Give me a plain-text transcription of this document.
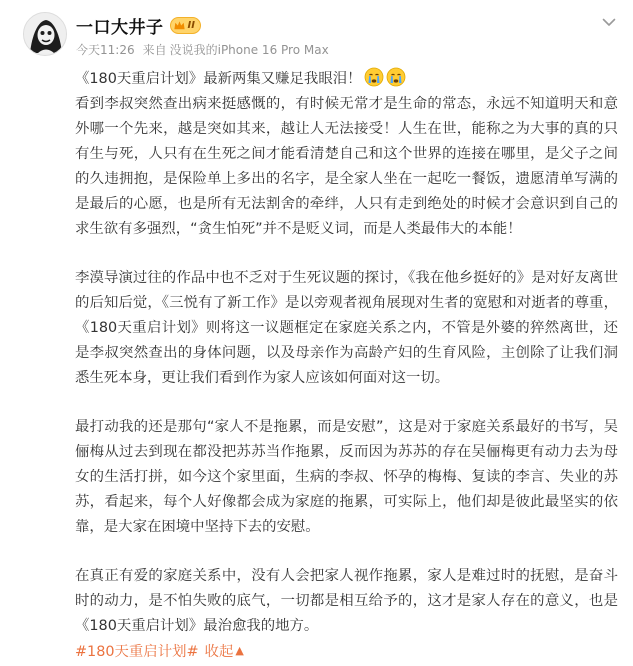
一口大井子 II
今天11:26 来自 没说我的iPhone 16 Pro Max
《180天重启计划》最新两集又赚足我眼泪！
看到李叔突然查出病来挺感慨的，有时候无常才是生命的常态，永远不知道明天和意外哪一个先来，越是突如其来，越让人无法接受！人生在世，能称之为大事的真的只有生与死，人只有在生死之间才能看清楚自己和这个世界的连接在哪里，是父子之间的久违拥抱，是保险单上多出的名字，是全家人坐在一起吃一餐饭，遗愿清单写满的是最后的心愿，也是所有无法割舍的牵绊，人只有走到绝处的时候才会意识到自己的求生欲有多强烈，“贪生怕死”并不是贬义词，而是人类最伟大的本能！
李漠导演过往的作品中也不乏对于生死议题的探讨，《我在他乡挺好的》是对好友离世的后知后觉，《三悦有了新工作》是以旁观者视角展现对生者的宽慰和对逝者的尊重，《180天重启计划》则将这一议题框定在家庭关系之内，不管是外婆的猝然离世，还是李叔突然查出的身体问题，以及母亲作为高龄产妇的生育风险，主创除了让我们洞悉生死本身，更让我们看到作为家人应该如何面对这一切。
最打动我的还是那句“家人不是拖累，而是安慰”，这是对于家庭关系最好的书写，吴俪梅从过去到现在都没把苏苏当作拖累，反而因为苏苏的存在吴俪梅更有动力去为母女的生活打拼，如今这个家里面，生病的李叔、怀孕的梅梅、复读的李言、失业的苏苏，看起来，每个人好像都会成为家庭的拖累，可实际上，他们却是彼此最坚实的依靠，是大家在困境中坚持下去的安慰。
在真正有爱的家庭关系中，没有人会把家人视作拖累，家人是难过时的抚慰，是奋斗时的动力，是不怕失败的底气，一切都是相互给予的，这才是家人存在的意义，也是《180天重启计划》最治愈我的地方。
#180天重启计划# 收起 ▲
